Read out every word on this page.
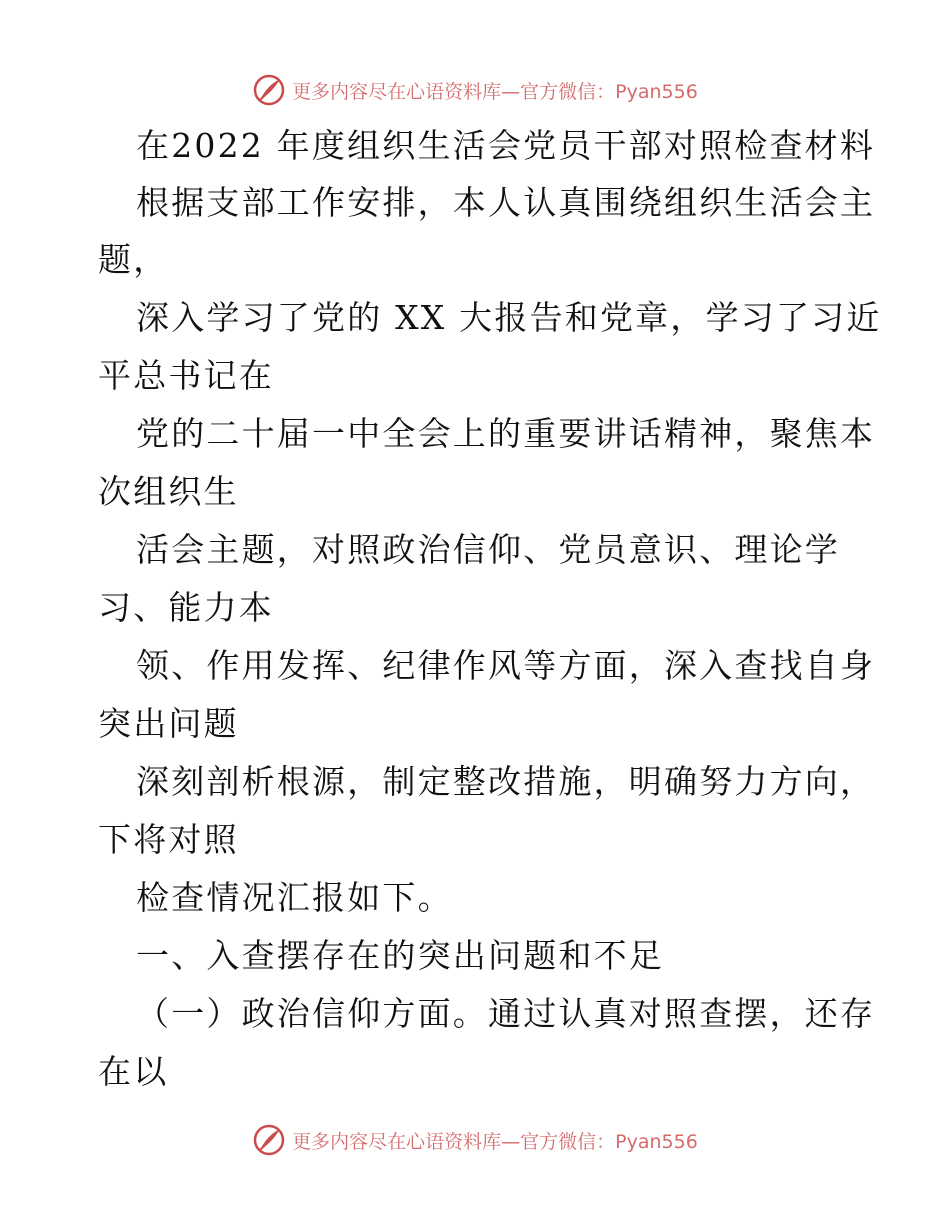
更多内容尽在心语资料库—官方微信：Pyan556
在2022 年度组织生活会党员干部对照检查材料
根据支部工作安排，本人认真围绕组织生活会主
题，
深入学习了党的 XX 大报告和党章，学习了习近
平总书记在
党的二十届一中全会上的重要讲话精神，聚焦本
次组织生
活会主题，对照政治信仰、党员意识、理论学
习、能力本
领、作用发挥、纪律作风等方面，深入查找自身
突出问题
深刻剖析根源，制定整改措施，明确努力方向，
下将对照
检查情况汇报如下。
一、入查摆存在的突出问题和不足
（一）政治信仰方面。通过认真对照查摆，还存
在以
更多内容尽在心语资料库—官方微信：Pyan556
